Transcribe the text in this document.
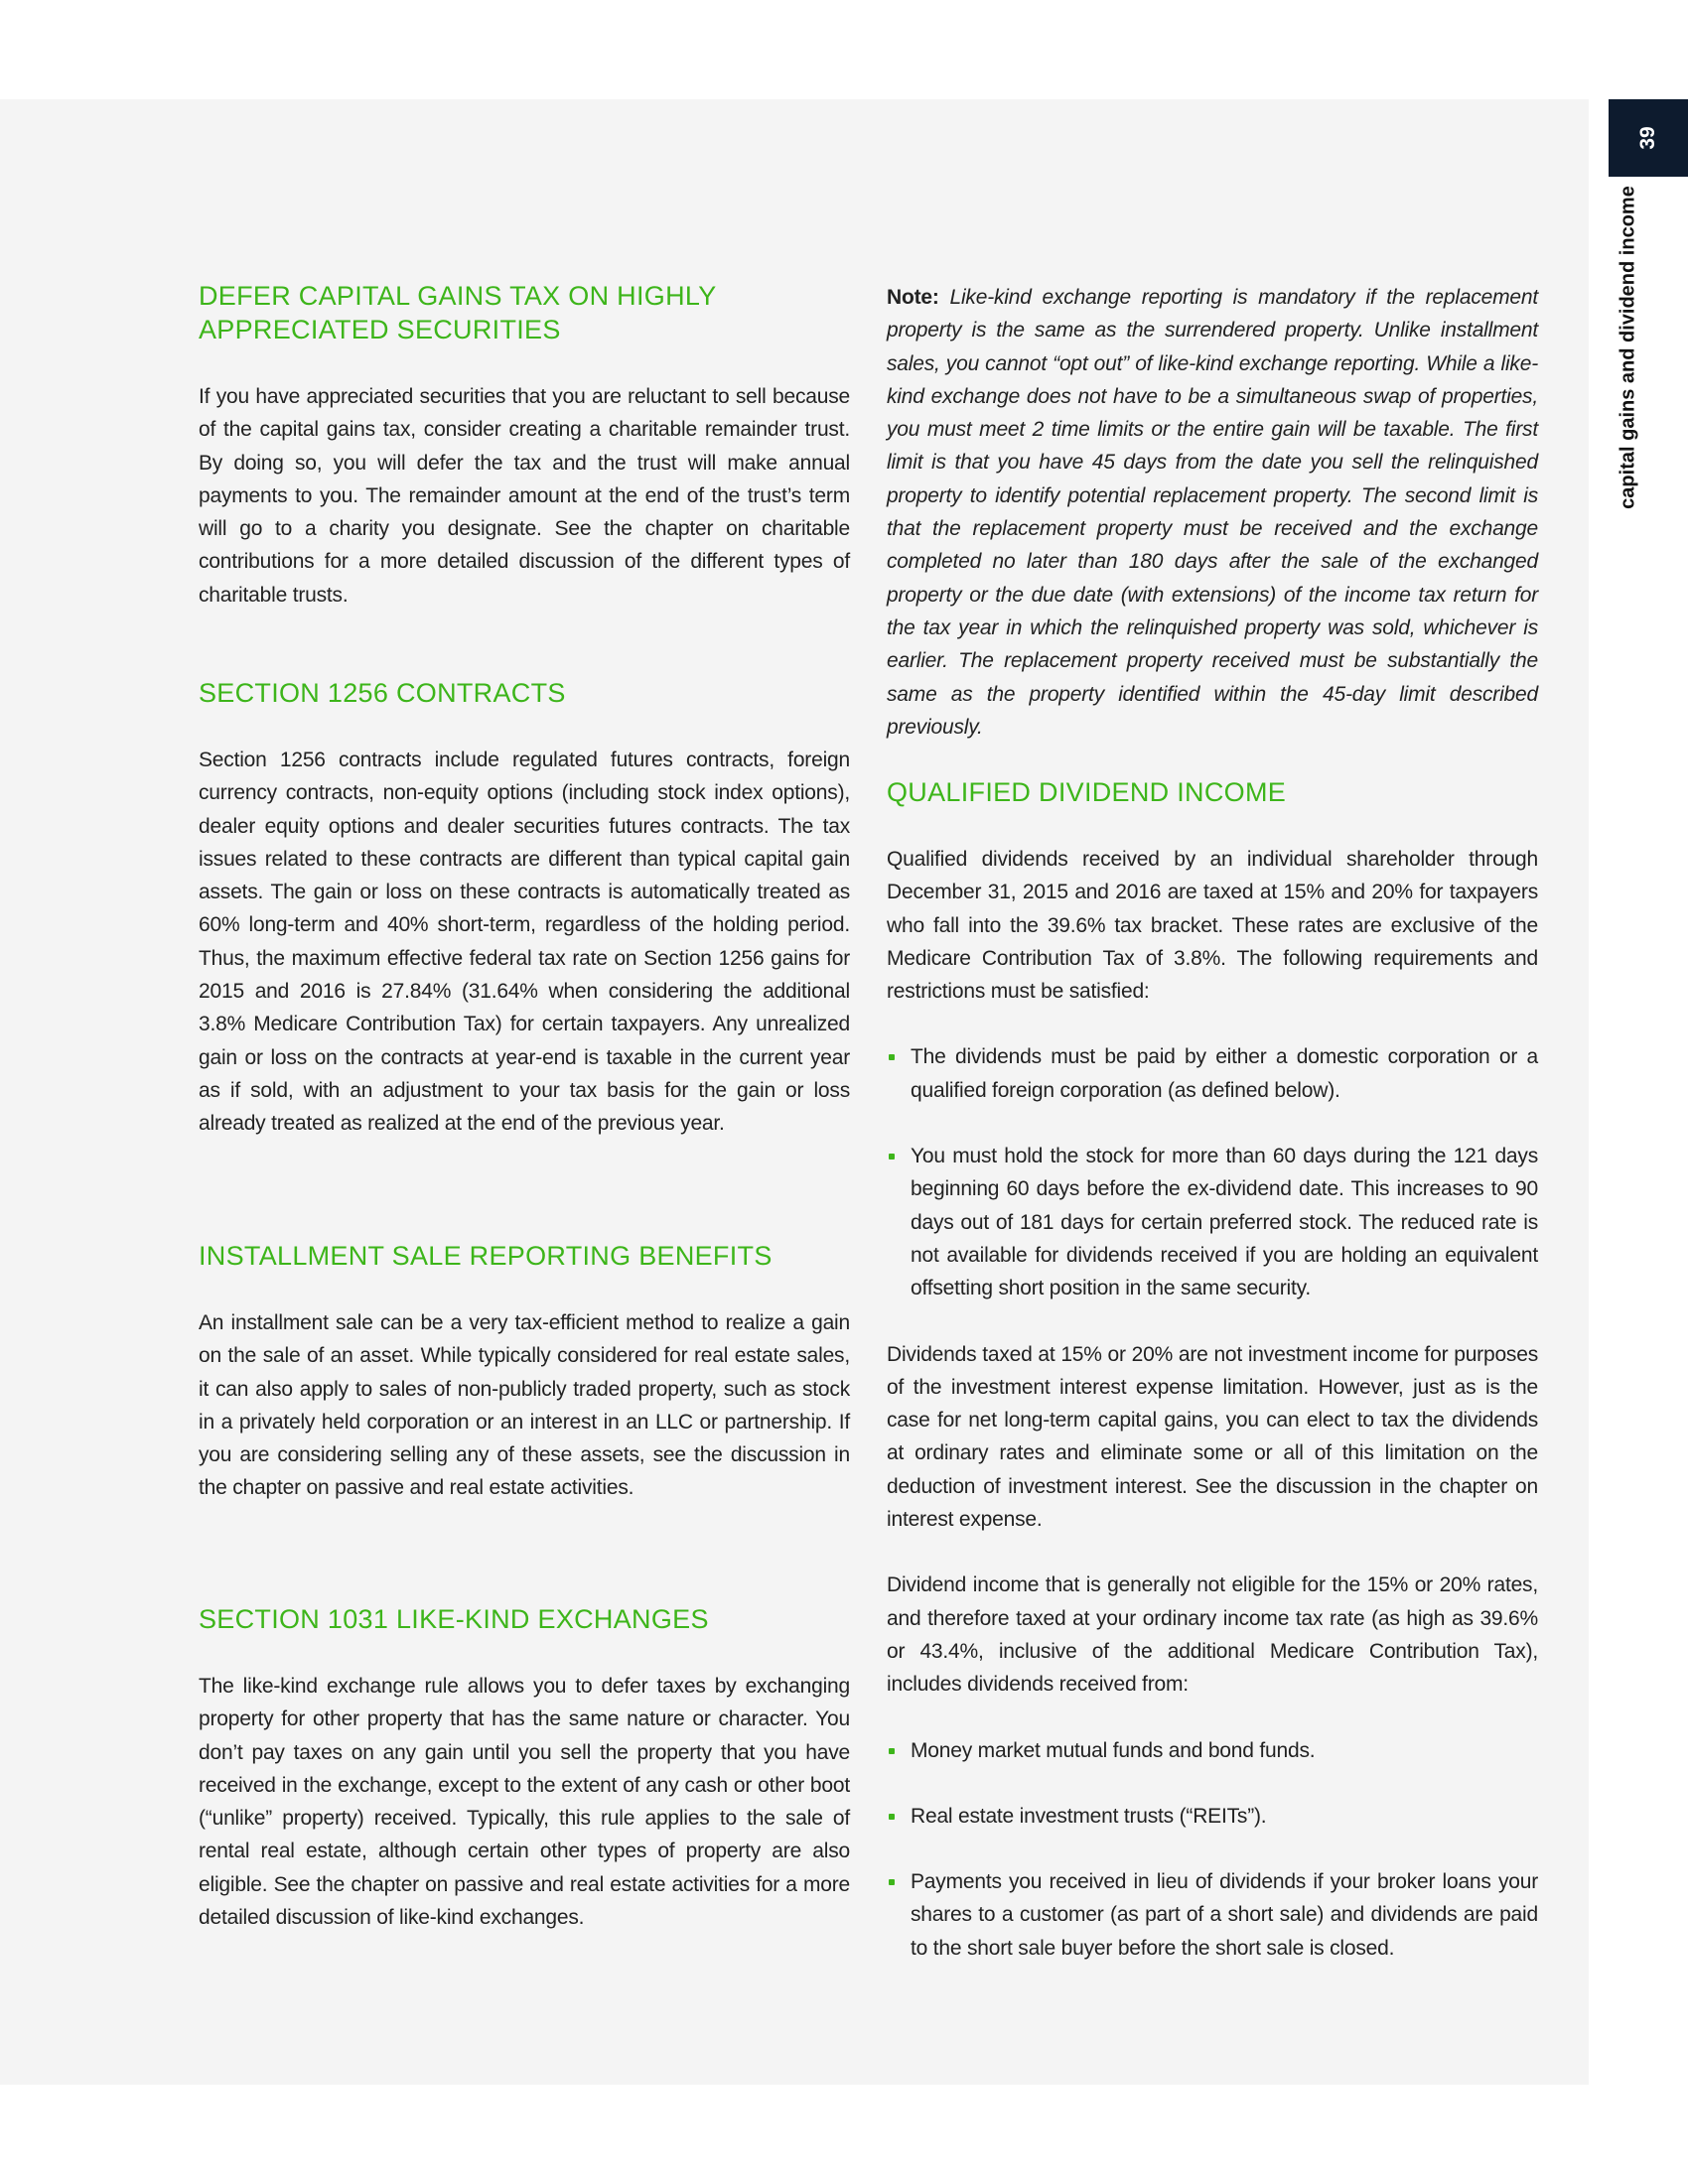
39
capital gains and dividend income
DEFER CAPITAL GAINS TAX ON HIGHLY APPRECIATED SECURITIES

If you have appreciated securities that you are reluctant to sell because of the capital gains tax, consider creating a charitable remainder trust. By doing so, you will defer the tax and the trust will make annual payments to you. The remainder amount at the end of the trust’s term will go to a charity you designate. See the chapter on charitable contributions for a more detailed discussion of the different types of charitable trusts.

SECTION 1256 CONTRACTS

Section 1256 contracts include regulated futures contracts, foreign currency contracts, non-equity options (including stock index options), dealer equity options and dealer securities futures contracts. The tax issues related to these contracts are different than typical capital gain assets. The gain or loss on these contracts is automatically treated as 60% long-term and 40% short-term, regardless of the holding period. Thus, the maximum effective federal tax rate on Section 1256 gains for 2015 and 2016 is 27.84% (31.64% when considering the additional 3.8% Medicare Contribution Tax) for certain taxpayers. Any unrealized gain or loss on the contracts at year-end is taxable in the current year as if sold, with an adjustment to your tax basis for the gain or loss already treated as realized at the end of the previous year.

INSTALLMENT SALE REPORTING BENEFITS

An installment sale can be a very tax-efficient method to realize a gain on the sale of an asset. While typically considered for real estate sales, it can also apply to sales of non-publicly traded property, such as stock in a privately held corporation or an interest in an LLC or partnership. If you are considering selling any of these assets, see the discussion in the chapter on passive and real estate activities.

SECTION 1031 LIKE-KIND EXCHANGES

The like-kind exchange rule allows you to defer taxes by exchanging property for other property that has the same nature or character. You don’t pay taxes on any gain until you sell the property that you have received in the exchange, except to the extent of any cash or other boot (“unlike” property) received. Typically, this rule applies to the sale of rental real estate, although certain other types of property are also eligible. See the chapter on passive and real estate activities for a more detailed discussion of like-kind exchanges.

Note: Like-kind exchange reporting is mandatory if the replacement property is the same as the surrendered property. Unlike installment sales, you cannot “opt out” of like-kind exchange reporting. While a like-kind exchange does not have to be a simultaneous swap of properties, you must meet 2 time limits or the entire gain will be taxable. The first limit is that you have 45 days from the date you sell the relinquished property to identify potential replacement property. The second limit is that the replacement property must be received and the exchange completed no later than 180 days after the sale of the exchanged property or the due date (with extensions) of the income tax return for the tax year in which the relinquished property was sold, whichever is earlier. The replacement property received must be substantially the same as the property identified within the 45-day limit described previously.

QUALIFIED DIVIDEND INCOME

Qualified dividends received by an individual shareholder through December 31, 2015 and 2016 are taxed at 15% and 20% for taxpayers who fall into the 39.6% tax bracket. These rates are exclusive of the Medicare Contribution Tax of 3.8%. The following requirements and restrictions must be satisfied:

The dividends must be paid by either a domestic corporation or a qualified foreign corporation (as defined below).

You must hold the stock for more than 60 days during the 121 days beginning 60 days before the ex-dividend date. This increases to 90 days out of 181 days for certain preferred stock. The reduced rate is not available for dividends received if you are holding an equivalent offsetting short position in the same security.

Dividends taxed at 15% or 20% are not investment income for purposes of the investment interest expense limitation. However, just as is the case for net long-term capital gains, you can elect to tax the dividends at ordinary rates and eliminate some or all of this limitation on the deduction of investment interest. See the discussion in the chapter on interest expense.

Dividend income that is generally not eligible for the 15% or 20% rates, and therefore taxed at your ordinary income tax rate (as high as 39.6% or 43.4%, inclusive of the additional Medicare Contribution Tax), includes dividends received from:

Money market mutual funds and bond funds.

Real estate investment trusts (“REITs”).

Payments you received in lieu of dividends if your broker loans your shares to a customer (as part of a short sale) and dividends are paid to the short sale buyer before the short sale is closed.
